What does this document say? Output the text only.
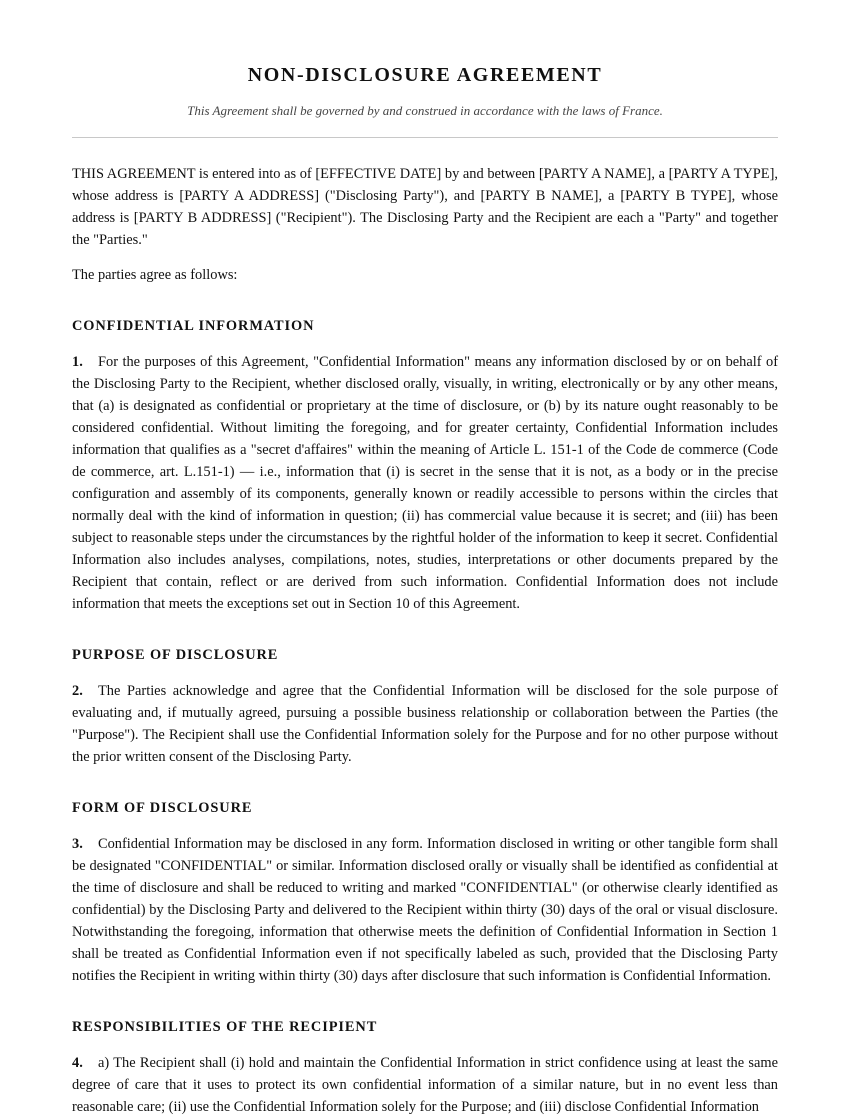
NON-DISCLOSURE AGREEMENT

This Agreement shall be governed by and construed in accordance with the laws of France.

THIS AGREEMENT is entered into as of [EFFECTIVE DATE] by and between [PARTY A NAME], a [PARTY A TYPE], whose address is [PARTY A ADDRESS] ("Disclosing Party"), and [PARTY B NAME], a [PARTY B TYPE], whose address is [PARTY B ADDRESS] ("Recipient"). The Disclosing Party and the Recipient are each a "Party" and together the "Parties."

The parties agree as follows:

CONFIDENTIAL INFORMATION

1. For the purposes of this Agreement, "Confidential Information" means any information disclosed by or on behalf of the Disclosing Party to the Recipient, whether disclosed orally, visually, in writing, electronically or by any other means, that (a) is designated as confidential or proprietary at the time of disclosure, or (b) by its nature ought reasonably to be considered confidential. Without limiting the foregoing, and for greater certainty, Confidential Information includes information that qualifies as a "secret d'affaires" within the meaning of Article L. 151-1 of the Code de commerce (Code de commerce, art. L.151-1) — i.e., information that (i) is secret in the sense that it is not, as a body or in the precise configuration and assembly of its components, generally known or readily accessible to persons within the circles that normally deal with the kind of information in question; (ii) has commercial value because it is secret; and (iii) has been subject to reasonable steps under the circumstances by the rightful holder of the information to keep it secret. Confidential Information also includes analyses, compilations, notes, studies, interpretations or other documents prepared by the Recipient that contain, reflect or are derived from such information. Confidential Information does not include information that meets the exceptions set out in Section 10 of this Agreement.

PURPOSE OF DISCLOSURE

2. The Parties acknowledge and agree that the Confidential Information will be disclosed for the sole purpose of evaluating and, if mutually agreed, pursuing a possible business relationship or collaboration between the Parties (the "Purpose"). The Recipient shall use the Confidential Information solely for the Purpose and for no other purpose without the prior written consent of the Disclosing Party.

FORM OF DISCLOSURE

3. Confidential Information may be disclosed in any form. Information disclosed in writing or other tangible form shall be designated "CONFIDENTIAL" or similar. Information disclosed orally or visually shall be identified as confidential at the time of disclosure and shall be reduced to writing and marked "CONFIDENTIAL" (or otherwise clearly identified as confidential) by the Disclosing Party and delivered to the Recipient within thirty (30) days of the oral or visual disclosure. Notwithstanding the foregoing, information that otherwise meets the definition of Confidential Information in Section 1 shall be treated as Confidential Information even if not specifically labeled as such, provided that the Disclosing Party notifies the Recipient in writing within thirty (30) days after disclosure that such information is Confidential Information.

RESPONSIBILITIES OF THE RECIPIENT

4. a) The Recipient shall (i) hold and maintain the Confidential Information in strict confidence using at least the same degree of care that it uses to protect its own confidential information of a similar nature, but in no event less than reasonable care; (ii) use the Confidential Information solely for the Purpose; and (iii) disclose Confidential Information
